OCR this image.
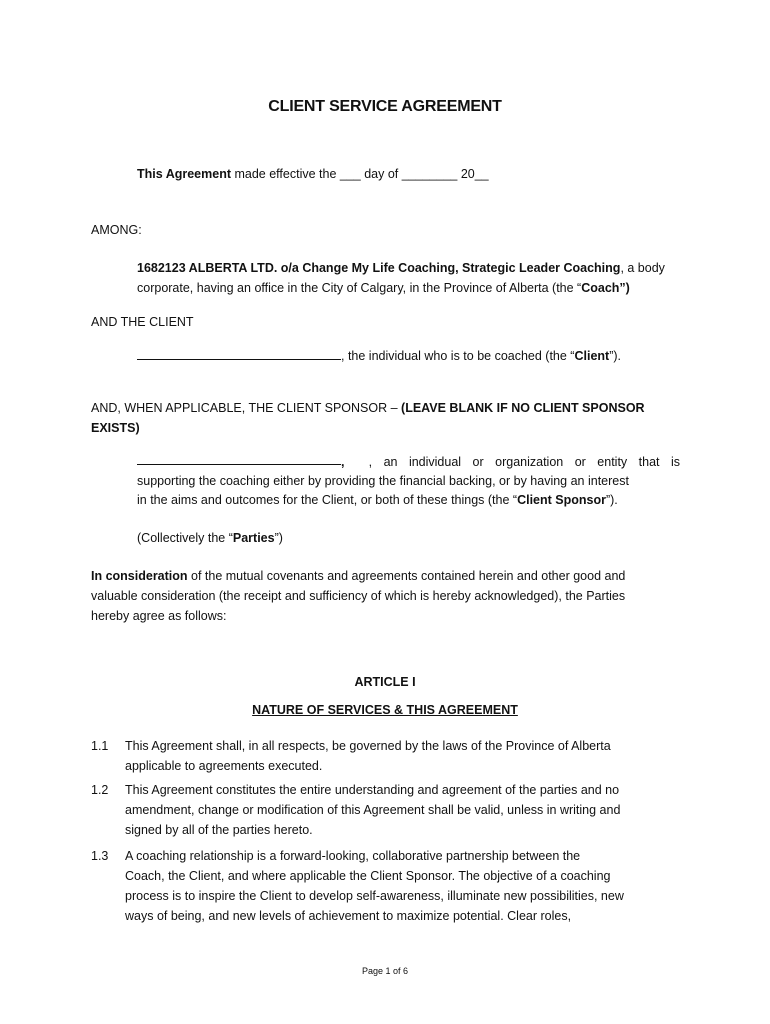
CLIENT SERVICE AGREEMENT
This Agreement made effective the ___ day of ________ 20__
AMONG:
1682123 ALBERTA LTD. o/a Change My Life Coaching, Strategic Leader Coaching, a body
corporate, having an office in the City of Calgary, in the Province of Alberta (the “Coach”)
AND THE CLIENT
, the individual who is to be coached (the “Client”).
AND, WHEN APPLICABLE, THE CLIENT SPONSOR – (LEAVE BLANK IF NO CLIENT SPONSOR
EXISTS)
, , an individual or organization or entity that is
supporting the coaching either by providing the financial backing, or by having an interest
in the aims and outcomes for the Client, or both of these things (the “Client Sponsor”).
(Collectively the “Parties”)
In consideration of the mutual covenants and agreements contained herein and other good and
valuable consideration (the receipt and sufficiency of which is hereby acknowledged), the Parties
hereby agree as follows:
ARTICLE I
NATURE OF SERVICES & THIS AGREEMENT
1.1 This Agreement shall, in all respects, be governed by the laws of the Province of Alberta
applicable to agreements executed.
1.2 This Agreement constitutes the entire understanding and agreement of the parties and no
amendment, change or modification of this Agreement shall be valid, unless in writing and
signed by all of the parties hereto.
1.3 A coaching relationship is a forward-looking, collaborative partnership between the
Coach, the Client, and where applicable the Client Sponsor. The objective of a coaching
process is to inspire the Client to develop self-awareness, illuminate new possibilities, new
ways of being, and new levels of achievement to maximize potential. Clear roles,
Page 1 of 6
